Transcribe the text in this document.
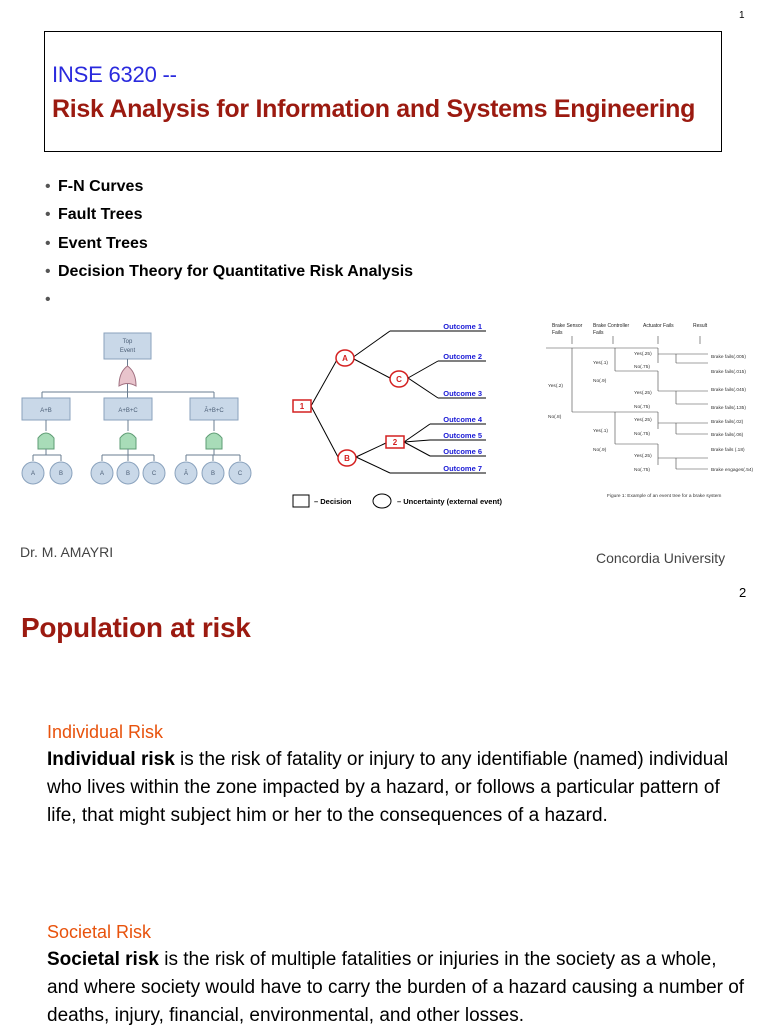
1
INSE 6320 --
Risk Analysis for Information and Systems Engineering
• F-N Curves
• Fault Trees
• Event Trees
• Decision Theory for Quantitative Risk Analysis
•
Top
Event
A+B
A	B
A+B+C
A	B	C
Ā+B+C
Ā	B	C
1
2
A
C
B
Outcome 1
Outcome 2
Outcome 3
Outcome 4
Outcome 5
Outcome 6
Outcome 7
– Decision	– Uncertainty (external event)
Brake Sensor
Fails
Brake Controller
Fails
Actuator Fails	Result
Yes(.2)
No(.8)
Yes(.1)
No(.9)
Yes(.1)
No(.9)
Yes(.25)
No(.75)
Yes(.25)
No(.75)
Yes(.25)
No(.75)
Yes(.25)
No(.75)
Brake fails(.005)
Brake fails(.015)
Brake fails(.045)
Brake fails(.135)
Brake fails(.02)
Brake fails(.06)
Brake fails (.18)
Brake engages(.54)
Figure 1: Example of an event tree for a brake system
Dr. M. AMAYRI	Concordia University
2
Population at risk
Individual Risk
Individual risk is the risk of fatality or injury to any identifiable (named) individual who lives within the zone impacted by a hazard, or follows a particular pattern of life, that might subject him or her to the consequences of a hazard.
Societal Risk
Societal risk is the risk of multiple fatalities or injuries in the society as a whole, and where society would have to carry the burden of a hazard causing a number of deaths, injury, financial, environmental, and other losses.
